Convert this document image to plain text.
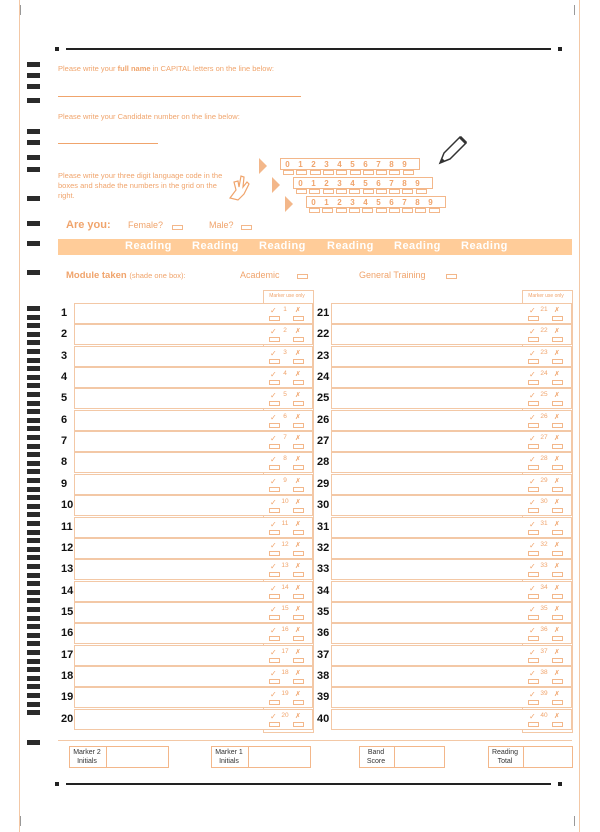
Please write your full name in CAPITAL letters on the line below:
Please write your Candidate number on the line below:
Please write your three digit language code in the boxes and shade the numbers in the grid on the right.
0	1	2	3	4	5	6	7	8	9
0	1	2	3	4	5	6	7	8	9
0	1	2	3	4	5	6	7	8	9
Are you: Female?	Male?
Reading Reading Reading Reading Reading Reading
Module taken (shade one box):	Academic	General Training
Marker use only	Marker use only
1	✓ 1	✗
2	✓ 2	✗
3	✓ 3	✗
4	✓ 4	✗
5	✓ 5	✗
6	✓ 6	✗
7	✓ 7	✗
8	✓ 8	✗
9	✓ 9	✗
10	✓ 10 ✗
11	✓ 11 ✗
12	✓ 12 ✗
13	✓ 13 ✗
14	✓ 14 ✗
15	✓ 15 ✗
16	✓ 16 ✗
17	✓ 17 ✗
18	✓ 18 ✗
19	✓ 19 ✗
20	✓ 20 ✗
21	✓ 21 ✗
22	✓ 22 ✗
23	✓ 23 ✗
24	✓ 24 ✗
25	✓ 25 ✗
26	✓ 26 ✗
27	✓ 27 ✗
28	✓ 28 ✗
29	✓ 29 ✗
30	✓ 30 ✗
31	✓ 31 ✗
32	✓ 32 ✗
33	✓ 33 ✗
34	✓ 34 ✗
35	✓ 35 ✗
36	✓ 36 ✗
37	✓ 37 ✗
38	✓ 38 ✗
39	✓ 39 ✗
40	✓ 40 ✗
Marker 2 Initials
Marker 1 Initials
Band Score
Reading Total
